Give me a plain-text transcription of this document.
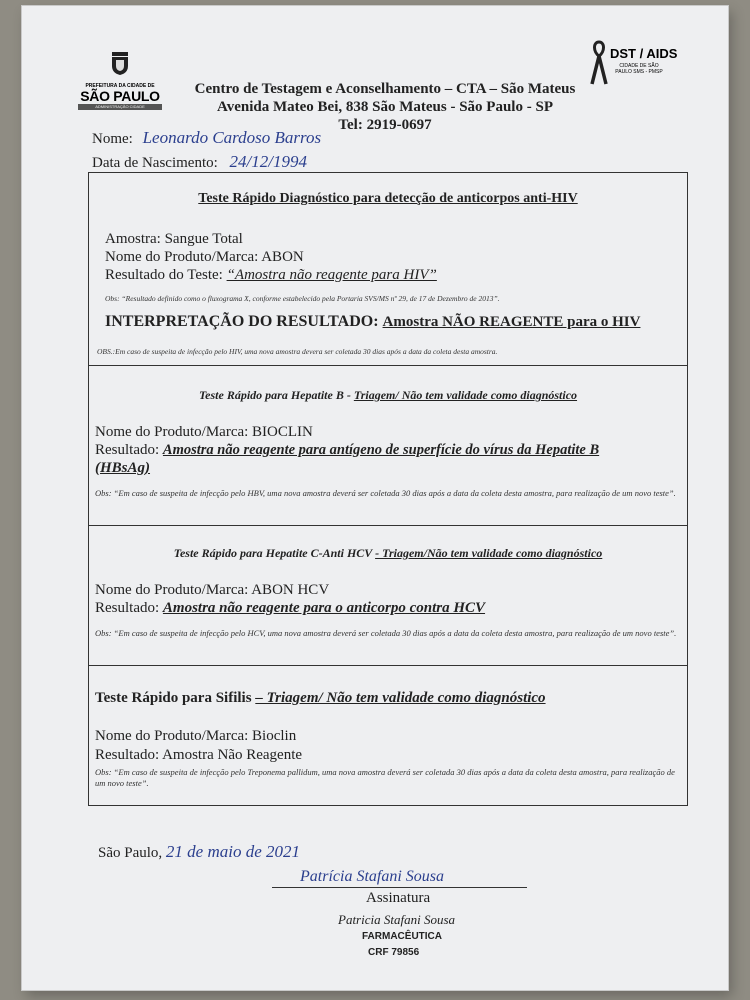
PREFEITURA DA CIDADE DE
SÃO PAULO
ADMINISTRAÇÃO CIDADE
DST / AIDS
CIDADE DE SÃO PAULO SMS - PMSP
Centro de Testagem e Aconselhamento – CTA – São Mateus
Avenida Mateo Bei, 838 São Mateus - São Paulo - SP
Tel: 2919-0697
Nome: Leonardo Cardoso Barros
Data de Nascimento: 24/12/1994
Teste Rápido Diagnóstico para detecção de anticorpos anti-HIV
Amostra: Sangue Total
Nome do Produto/Marca: ABON
Resultado do Teste: “Amostra não reagente para HIV”
Obs: “Resultado definido como o fluxograma X, conforme estabelecido pela Portaria SVS/MS nº 29, de 17 de Dezembro de 2013”.
INTERPRETAÇÃO DO RESULTADO: Amostra NÃO REAGENTE para o HIV
OBS.:Em caso de suspeita de infecção pelo HIV, uma nova amostra devera ser coletada 30 dias após a data da coleta desta amostra.
Teste Rápido para Hepatite B - Triagem/ Não tem validade como diagnóstico
Nome do Produto/Marca: BIOCLIN
Resultado: Amostra não reagente para antígeno de superfície do vírus da Hepatite B
(HBsAg)
Obs: “Em caso de suspeita de infecção pelo HBV, uma nova amostra deverá ser coletada 30 dias após a data da coleta desta amostra, para realização de um novo teste”.
Teste Rápido para Hepatite C-Anti HCV - Triagem/Não tem validade como diagnóstico
Nome do Produto/Marca: ABON HCV
Resultado: Amostra não reagente para o anticorpo contra HCV
Obs: “Em caso de suspeita de infecção pelo HCV, uma nova amostra deverá ser coletada 30 dias após a data da coleta desta amostra, para realização de um novo teste”.
Teste Rápido para Sifilis – Triagem/ Não tem validade como diagnóstico
Nome do Produto/Marca: Bioclin
Resultado: Amostra Não Reagente
Obs: “Em caso de suspeita de infecção pelo Treponema pallidum, uma nova amostra deverá ser coletada 30 dias após a data da coleta desta amostra, para realização de um novo teste”.
São Paulo, 21 de maio de 2021
Patrícia Stafani Sousa
Assinatura
Patricia Stafani Sousa
FARMACÊUTICA
CRF 79856
